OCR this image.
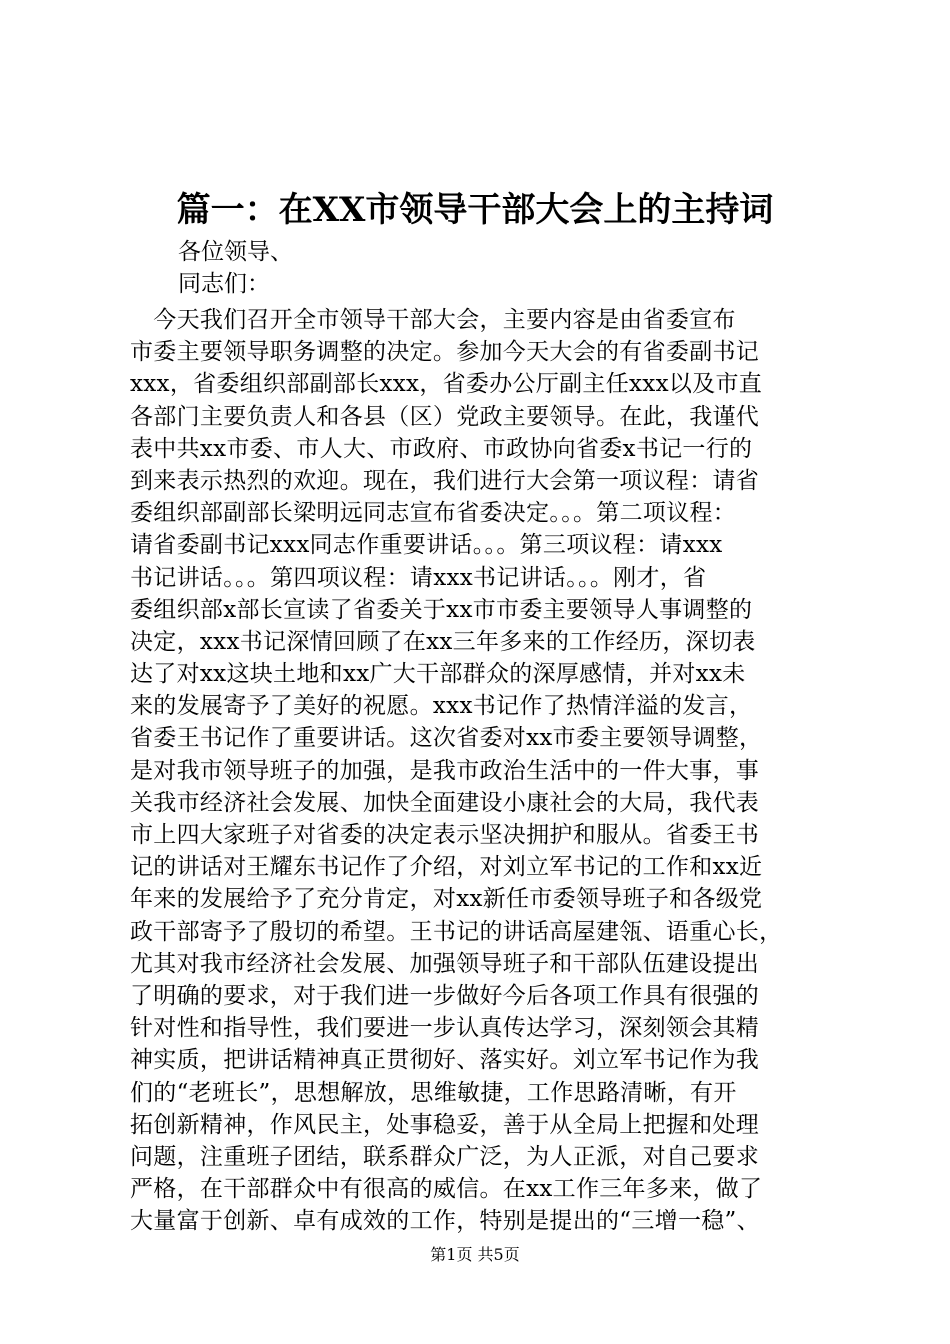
篇一：在XX市领导干部大会上的主持词
各位领导、
同志们：
　今天我们召开全市领导干部大会，主要内容是由省委宣布
市委主要领导职务调整的决定。参加今天大会的有省委副书记
xxx，省委组织部副部长xxx，省委办公厅副主任xxx以及市直
各部门主要负责人和各县（区）党政主要领导。在此，我谨代
表中共xx市委、市人大、市政府、市政协向省委x书记一行的
到来表示热烈的欢迎。现在，我们进行大会第一项议程：请省
委组织部副部长梁明远同志宣布省委决定。。。第二项议程：
请省委副书记xxx同志作重要讲话。。。第三项议程：请xxx
书记讲话。。。第四项议程：请xxx书记讲话。。。刚才，省
委组织部x部长宣读了省委关于xx市市委主要领导人事调整的
决定，xxx书记深情回顾了在xx三年多来的工作经历，深切表
达了对xx这块土地和xx广大干部群众的深厚感情，并对xx未
来的发展寄予了美好的祝愿。xxx书记作了热情洋溢的发言，
省委王书记作了重要讲话。这次省委对xx市委主要领导调整，
是对我市领导班子的加强，是我市政治生活中的一件大事，事
关我市经济社会发展、加快全面建设小康社会的大局，我代表
市上四大家班子对省委的决定表示坚决拥护和服从。省委王书
记的讲话对王耀东书记作了介绍，对刘立军书记的工作和xx近
年来的发展给予了充分肯定，对xx新任市委领导班子和各级党
政干部寄予了殷切的希望。王书记的讲话高屋建瓴、语重心长，
尤其对我市经济社会发展、加强领导班子和干部队伍建设提出
了明确的要求，对于我们进一步做好今后各项工作具有很强的
针对性和指导性，我们要进一步认真传达学习，深刻领会其精
神实质，把讲话精神真正贯彻好、落实好。刘立军书记作为我
们的“老班长”，思想解放，思维敏捷，工作思路清晰，有开
拓创新精神，作风民主，处事稳妥，善于从全局上把握和处理
问题，注重班子团结，联系群众广泛，为人正派，对自己要求
严格，在干部群众中有很高的威信。在xx工作三年多来，做了
大量富于创新、卓有成效的工作，特别是提出的“三增一稳”、
第1页 共5页
